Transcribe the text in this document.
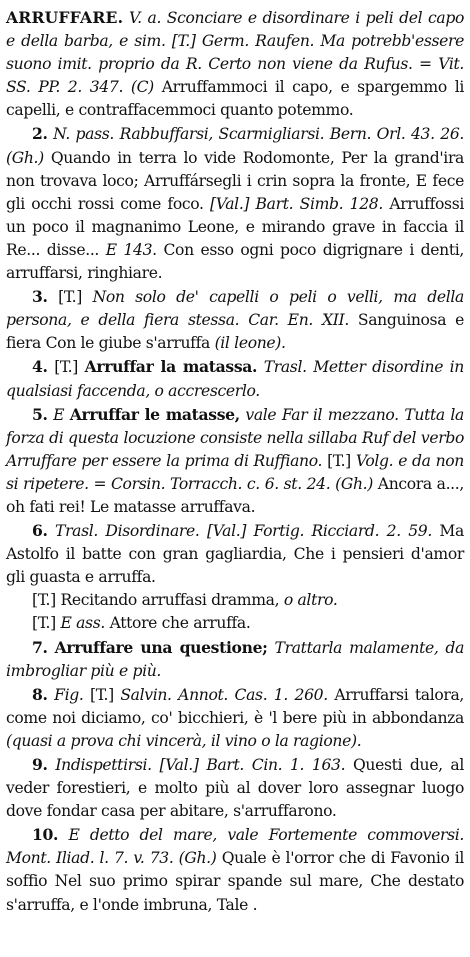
ARRUFFARE. V. a. Sconciare e disordinare i peli del capo e della barba, e sim. [T.] Germ. Raufen. Ma potrebb'essere suono imit. proprio da R. Certo non viene da Rufus. = Vit. SS. PP. 2. 347. (C) Arruffammoci il capo, e spargemmo li capelli, e contraffacemmoci quanto potemmo.

2. N. pass. Rabbuffarsi, Scarmigliarsi. Bern. Orl. 43. 26. (Gh.) Quando in terra lo vide Rodomonte, Per la grand'ira non trovava loco; Arruffársegli i crin sopra la fronte, E fece gli occhi rossi come foco. [Val.] Bart. Simb. 128. Arruffossi un poco il magnanimo Leone, e mirando grave in faccia il Re... disse... E 143. Con esso ogni poco digrignare i denti, arruffarsi, ringhiare.

3. [T.] Non solo de' capelli o peli o velli, ma della persona, e della fiera stessa. Car. En. XII. Sanguinosa e fiera Con le giube s'arruffa (il leone).

4. [T.] Arruffar la matassa. Trasl. Metter disordine in qualsiasi faccenda, o accrescerlo.

5. E Arruffar le matasse, vale Far il mezzano. Tutta la forza di questa locuzione consiste nella sillaba Ruf del verbo Arruffare per essere la prima di Ruffiano. [T.] Volg. e da non si ripetere. = Corsin. Torracch. c. 6. st. 24. (Gh.) Ancora a..., oh fati rei! Le matasse arruffava.

6. Trasl. Disordinare. [Val.] Fortig. Ricciard. 2. 59. Ma Astolfo il batte con gran gagliardia, Che i pensieri d'amor gli guasta e arruffa.

[T.] Recitando arruffasi dramma, o altro.

[T.] E ass. Attore che arruffa.

7. Arruffare una questione; Trattarla malamente, da imbrogliar più e più.

8. Fig. [T.] Salvin. Annot. Cas. 1. 260. Arruffarsi talora, come noi diciamo, co' bicchieri, è 'l bere più in abbondanza (quasi a prova chi vincerà, il vino o la ragione).

9. Indispettirsi. [Val.] Bart. Cin. 1. 163. Questi due, al veder forestieri, e molto più al dover loro assegnar luogo dove fondar casa per abitare, s'arruffarono.

10. E detto del mare, vale Fortemente commoversi. Mont. Iliad. l. 7. v. 73. (Gh.) Quale è l'orror che di Favonio il soffio Nel suo primo spirar spande sul mare, Che destato s'arruffa, e l'onde imbruna, Tale .
